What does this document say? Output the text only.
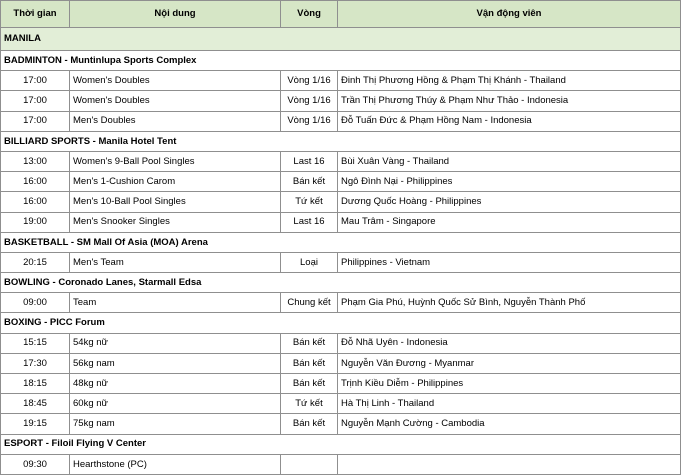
Thời gian	Nội dung	Vòng	Vận động viên
MANILA			
BADMINTON - Muntinlupa Sports Complex			
17:00	Women's Doubles	Vòng 1/16	Đinh Thị Phương Hồng & Phạm Thị Khánh - Thailand
17:00	Women's Doubles	Vòng 1/16	Trần Thị Phương Thúy & Phạm Như Thảo - Indonesia
17:00	Men's Doubles	Vòng 1/16	Đỗ Tuấn Đức & Phạm Hồng Nam - Indonesia
BILLIARD SPORTS - Manila Hotel Tent			
13:00	Women's 9-Ball Pool Singles	Last 16	Bùi Xuân Vàng - Thailand
16:00	Men's 1-Cushion Carom	Bán kết	Ngô Đình Nại - Philippines
16:00	Men's 10-Ball Pool Singles	Tứ kết	Dương Quốc Hoàng - Philippines
19:00	Men's Snooker Singles	Last 16	Mau Trâm - Singapore
BASKETBALL - SM Mall Of Asia (MOA) Arena			
20:15	Men's Team	Loại	Philippines - Vietnam
BOWLING - Coronado Lanes, Starmall Edsa			
09:00	Team	Chung kết	Phạm Gia Phú, Huỳnh Quốc Sử Bình, Nguyễn Thành Phố
BOXING - PICC Forum			
15:15	54kg nữ	Bán kết	Đỗ Nhã Uyên - Indonesia
17:30	56kg nam	Bán kết	Nguyễn Văn Đương - Myanmar
18:15	48kg nữ	Bán kết	Trịnh Kiều Diễm - Philippines
18:45	60kg nữ	Tứ kết	Hà Thị Linh - Thailand
19:15	75kg nam	Bán kết	Nguyễn Mạnh Cường - Cambodia
ESPORT - Filoil Flying V Center			
09:30	Hearthstone (PC)		
